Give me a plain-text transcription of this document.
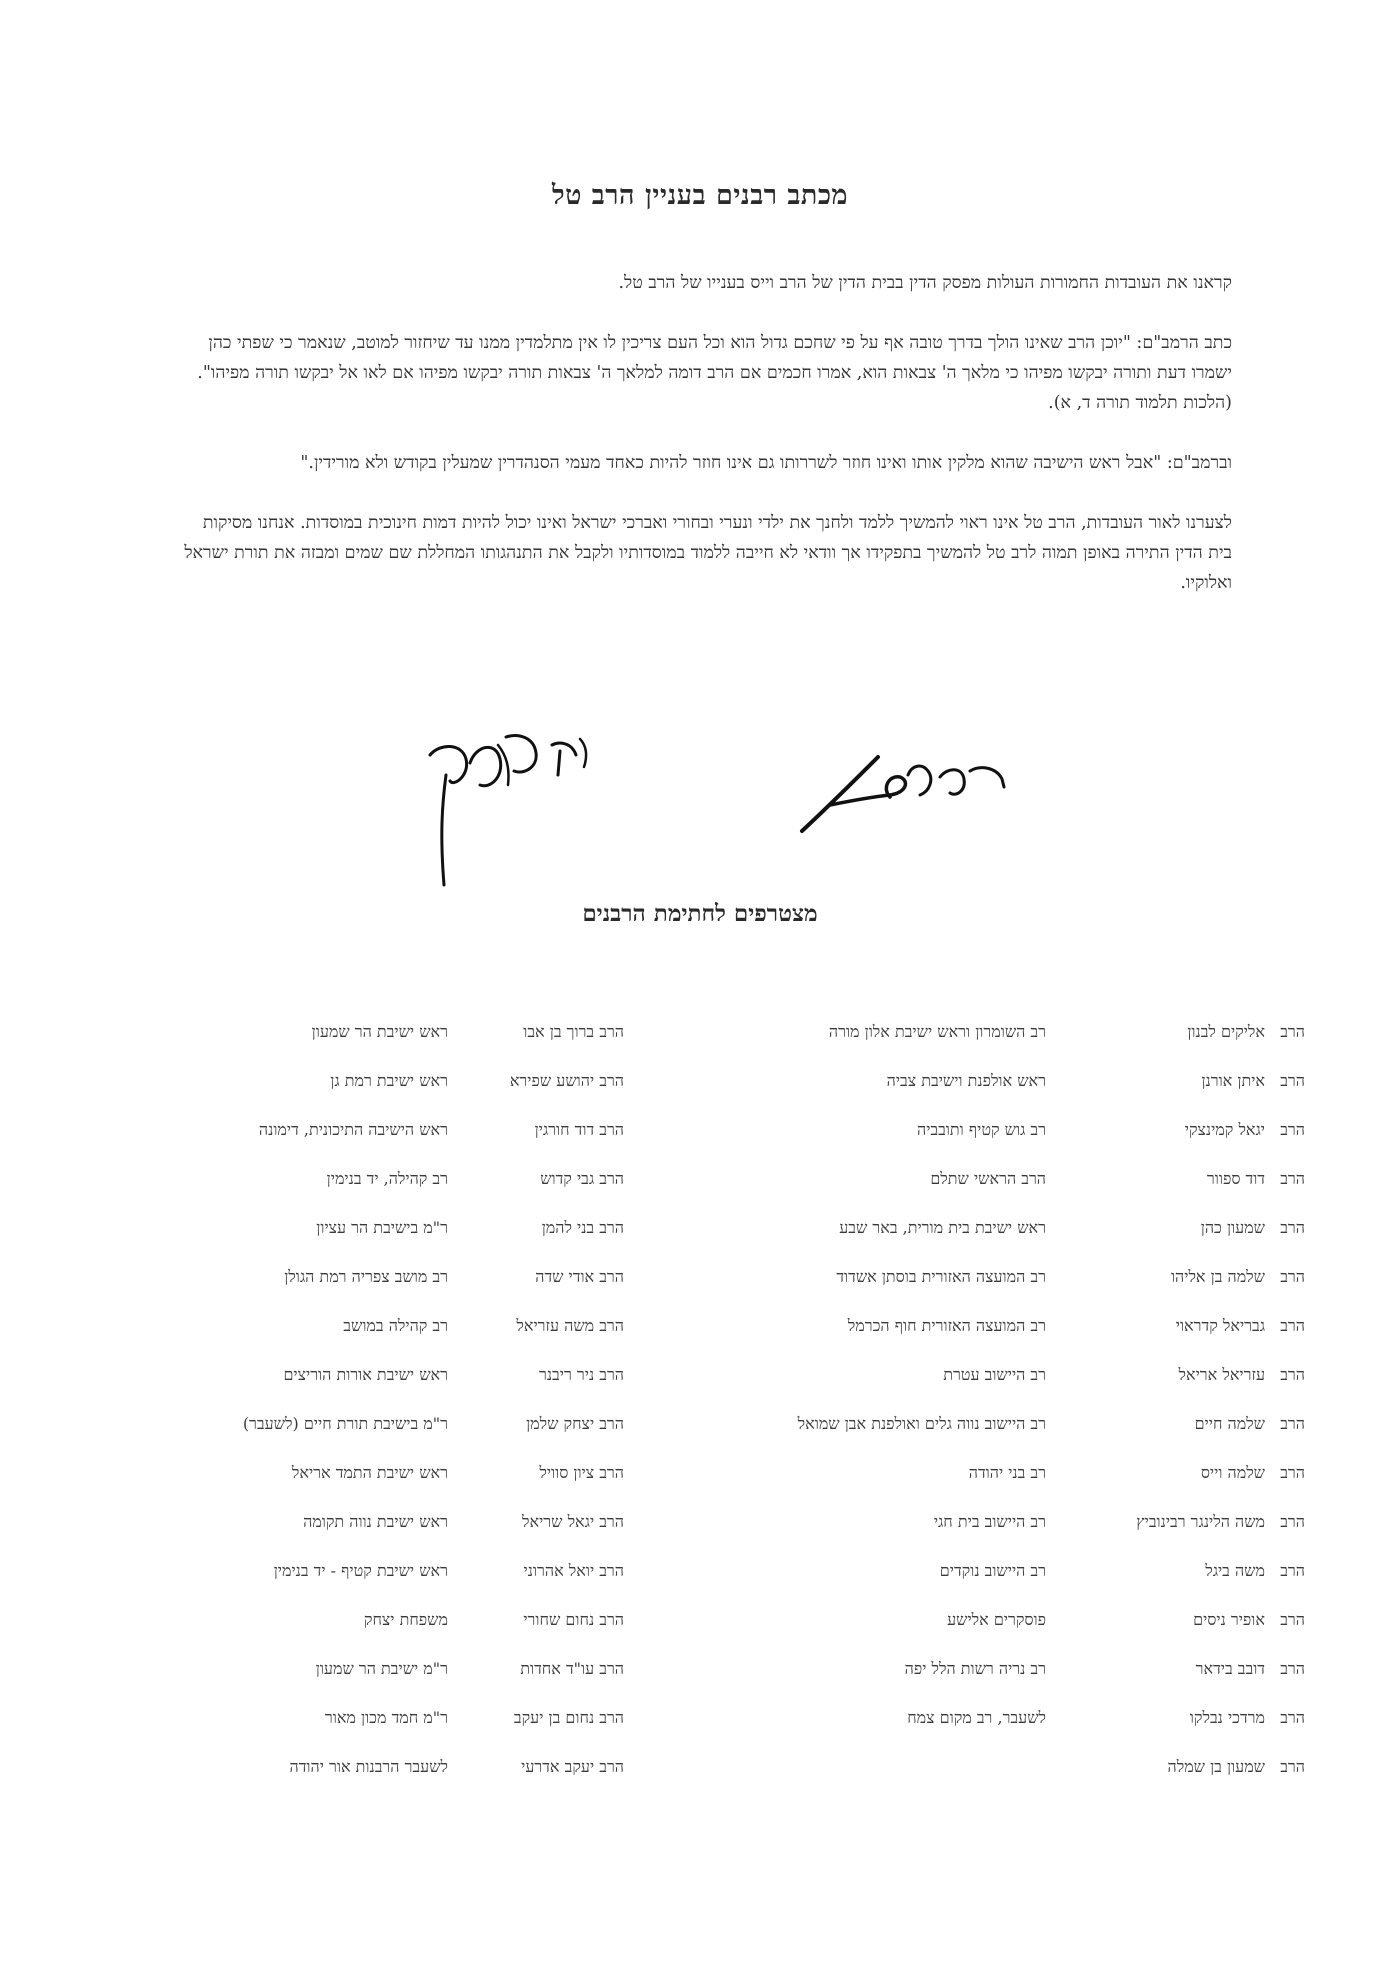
מכתב רבנים בעניין הרב טל

קראנו את העובדות החמורות העולות מפסק הדין בבית הדין של הרב וייס בענייו של הרב טל.

כתב הרמב"ם: "יוכן הרב שאינו הולך בדרך טובה אף על פי שחכם גדול הוא וכל העם צריכין לו אין מתלמדין ממנו עד שיחזור למוטב, שנאמר כי שפתי כהן ישמרו דעת ותורה יבקשו מפיהו כי מלאך ה' צבאות הוא, אמרו חכמים אם הרב דומה למלאך ה' צבאות תורה יבקשו מפיהו אם לאו אל יבקשו תורה מפיהו". (הלכות תלמוד תורה ד, א).

וברמב"ם: "אבל ראש הישיבה שהוא מלקין אותו ואינו חוזר לשררותו גם אינו חוזר להיות כאחד מעמי הסנהדרין שמעלין בקודש ולא מורידין."

לצערנו לאור העובדות, הרב טל אינו ראוי להמשיך ללמד ולחנך את ילדי ונערי ובחורי ואברכי ישראל ואינו יכול להיות דמות חינוכית במוסדות. אנחנו מסיקות בית הדין התירה באופן תמוה לרב טל להמשיך בתפקידו אך וודאי לא חייבה ללמוד במוסדותיו ולקבל את התנהגותו המחללת שם שמים ומבזה את תורת ישראל ואלוקיו.

מצטרפים לחתימת הרבנים
הרב
אליקים לבנון
רב השומרון וראש ישיבת אלון מורה
הרב ברוך בן אבו
ראש ישיבת הר שמעון
הרב
איתן אורנן
ראש אולפנת וישיבת צביה
הרב יהושע שפירא
ראש ישיבת רמת גן
הרב
יגאל קמינצקי
רב גוש קטיף ותובביה
הרב דוד חורגין
ראש הישיבה התיכונית, דימונה
הרב
דוד ספוור
הרב הראשי שתלם
הרב גבי קדוש
רב קהילה, יד בנימין
הרב
שמעון כהן
ראש ישיבת בית מורית, באר שבע
הרב בני להמן
ר"מ בישיבת הר עציון
הרב
שלמה בן אליהו
רב המועצה האזורית בוסתן אשדוד
הרב אודי שדה
רב מושב צפריה רמת הגולן
הרב
גבריאל קדראוי
רב המועצה האזורית חוף הכרמל
הרב משה עזריאל
רב קהילה במושב
הרב
עזריאל אריאל
רב היישוב עטרת
הרב ניר ריבנר
ראש ישיבת אורות הוריצים
הרב
שלמה חיים
רב היישוב נווה גלים ואולפנת אבן שמואל
הרב יצחק שלמן
ר"מ בישיבת תורת חיים (לשעבר)
הרב
שלמה וייס
רב בני יהודה
הרב ציון סוויל
ראש ישיבת התמד אריאל
הרב
משה הלינגר רבינוביץ
רב היישוב בית חגי
הרב יגאל שריאל
ראש ישיבת נווה תקומה
הרב
משה ביגל
רב היישוב נוקדים
הרב יואל אהרוני
ראש ישיבת קטיף - יד בנימין
הרב
אופיר ניסים
פוסקרים אלישע
הרב נחום שחורי
משפחת יצחק
הרב
דובב בידאר
רב נריה רשות הלל יפה
הרב עו"ד אחדות
ר"מ ישיבת הר שמעון
הרב
מרדכי נבלקו
לשעבר, רב מקום צמח
הרב נחום בן יעקב
ר"מ חמד מכון מאור
הרב
שמעון בן שמלה
הרב יעקב אדרעי
לשעבר הרבנות אור יהודה
